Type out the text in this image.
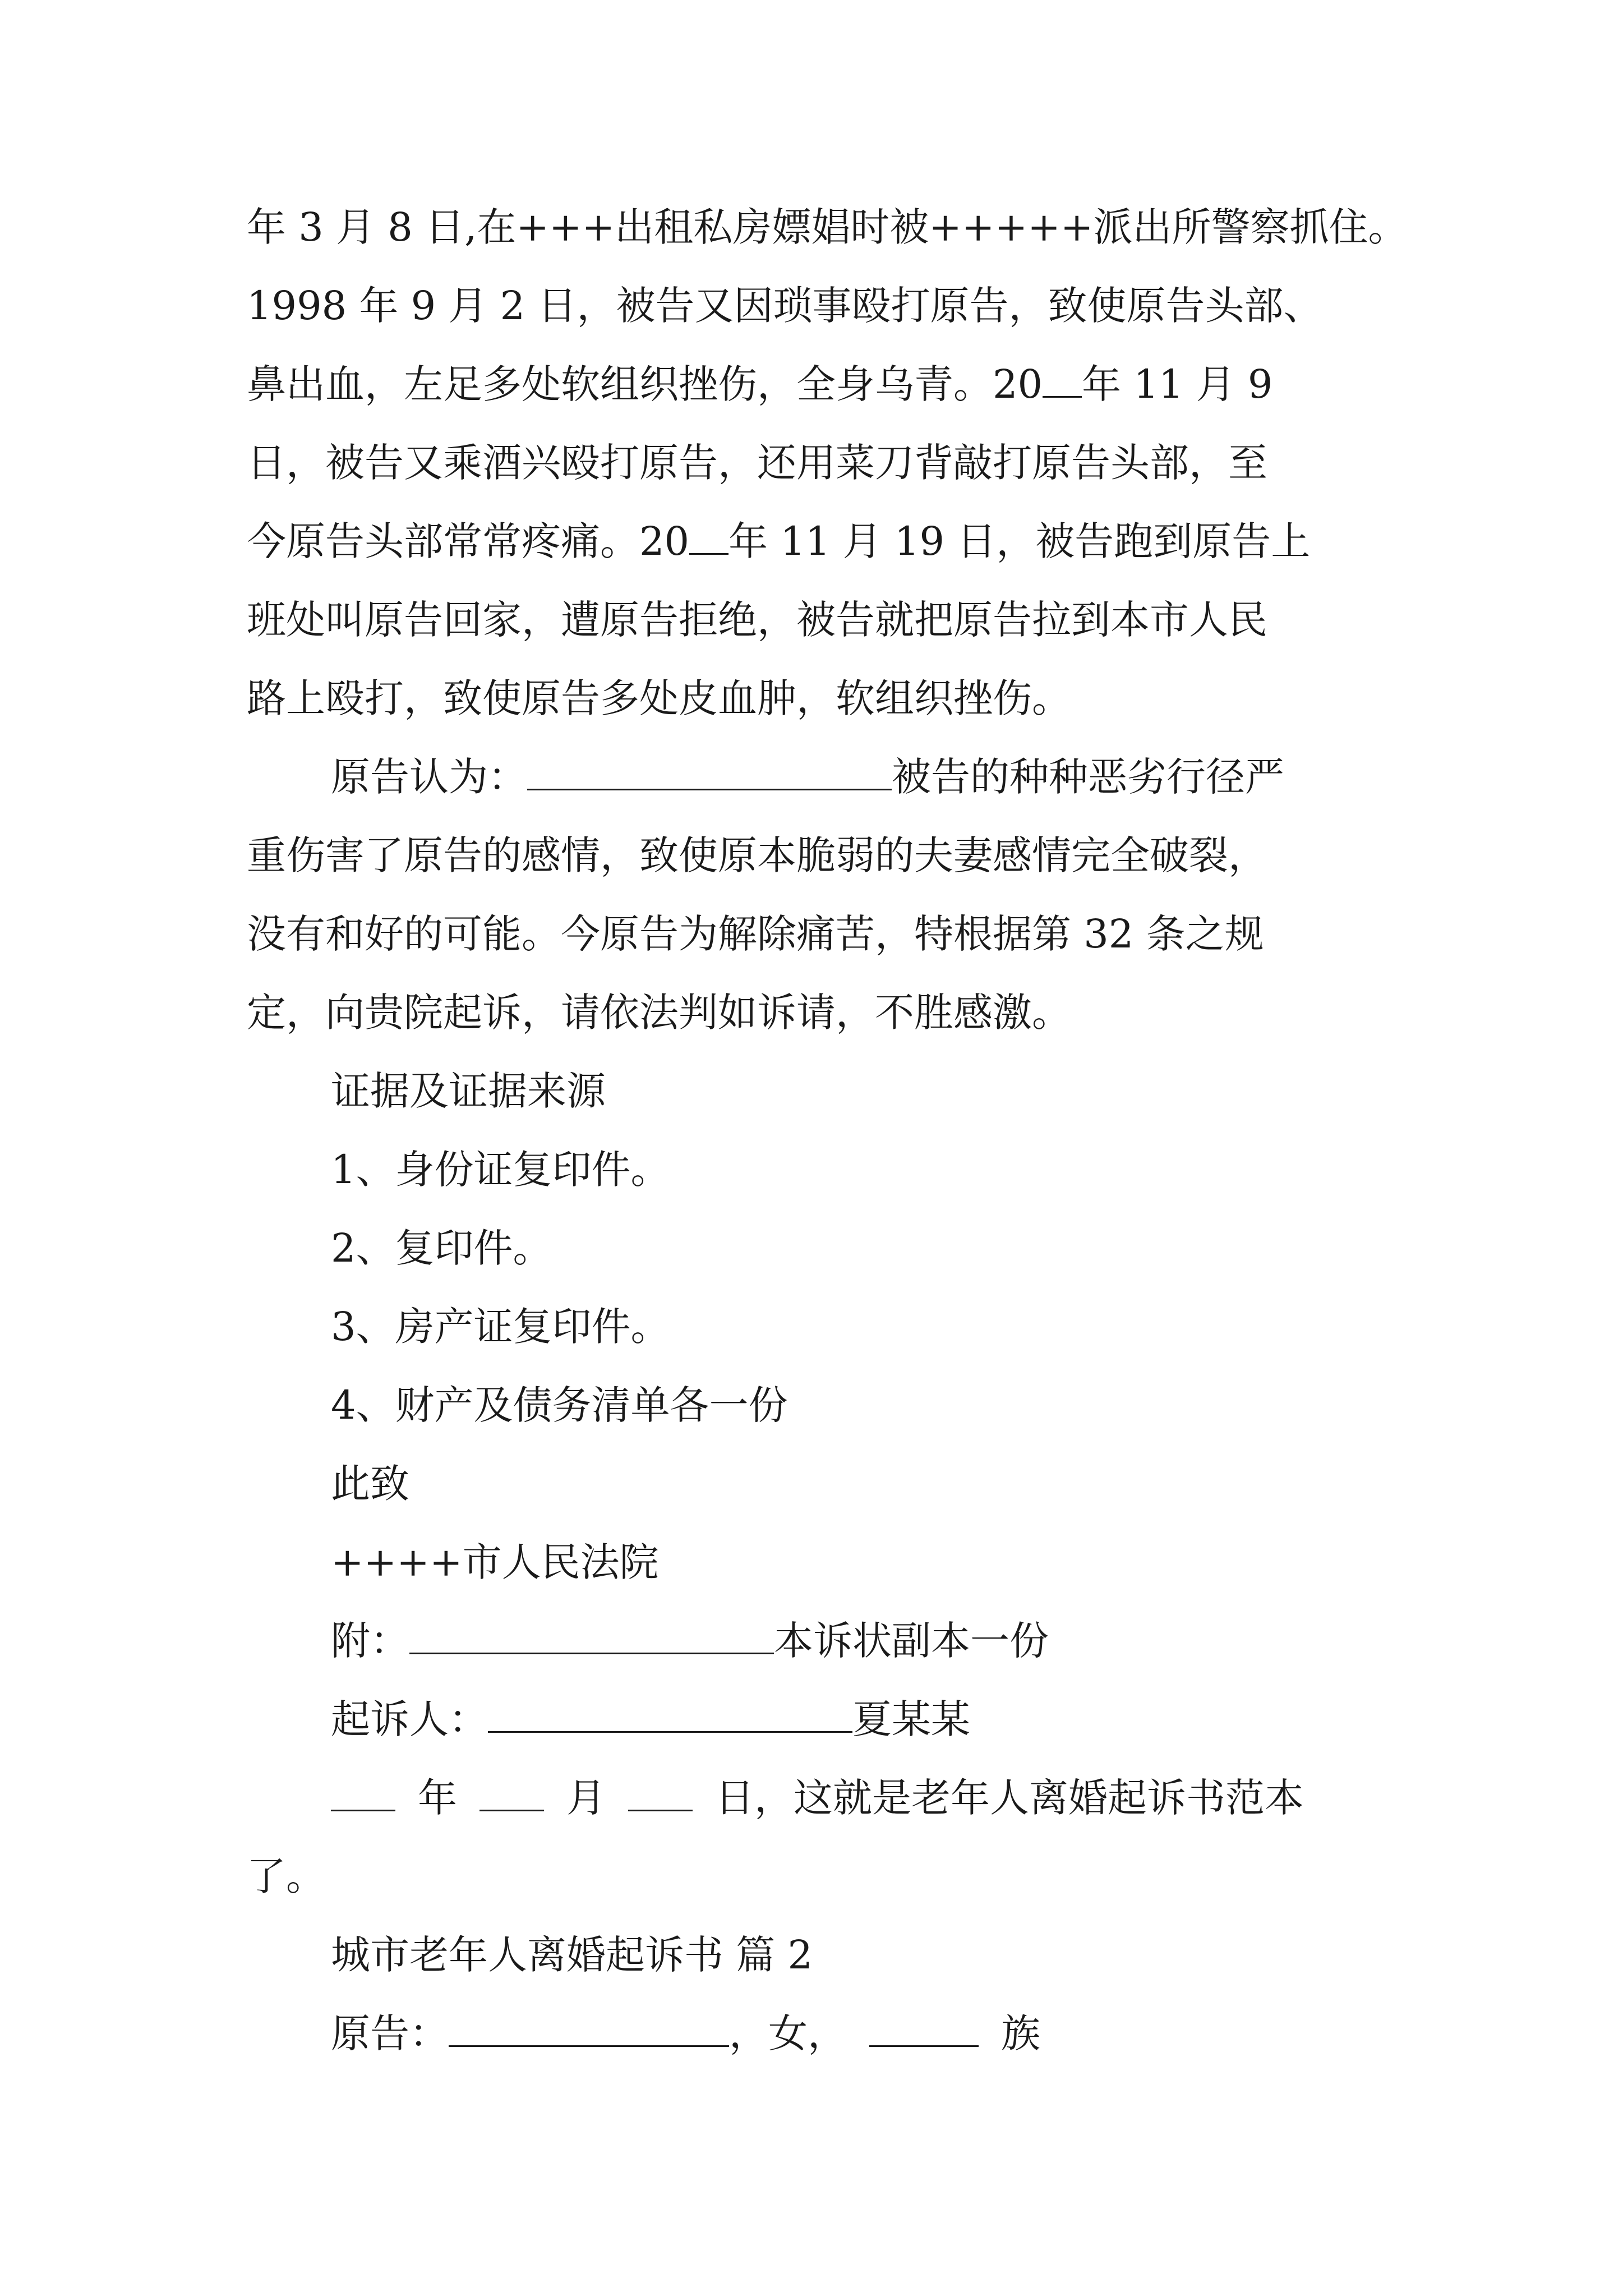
年 3 月 8 日,在+++出租私房嫖娼时被+++++派出所警察抓住。
1998 年 9 月 2 日，被告又因琐事殴打原告，致使原告头部、
鼻出血，左足多处软组织挫伤，全身乌青。20 年 11 月 9
日，被告又乘酒兴殴打原告，还用菜刀背敲打原告头部，至
今原告头部常常疼痛。20 年 11 月 19 日，被告跑到原告上
班处叫原告回家，遭原告拒绝，被告就把原告拉到本市人民
路上殴打，致使原告多处皮血肿，软组织挫伤。
原告认为：	被告的种种恶劣行径严
重伤害了原告的感情，致使原本脆弱的夫妻感情完全破裂，
没有和好的可能。今原告为解除痛苦，特根据第 32 条之规
定，向贵院起诉，请依法判如诉请，不胜感激。
证据及证据来源
1、身份证复印件。
2、复印件。
3、房产证复印件。
4、财产及债务清单各一份
此致
++++市人民法院
附：	本诉状副本一份
起诉人：	夏某某
年	月	日，这就是老年人离婚起诉书范本
了。
城市老年人离婚起诉书 篇 2
原告：	，女，	族
